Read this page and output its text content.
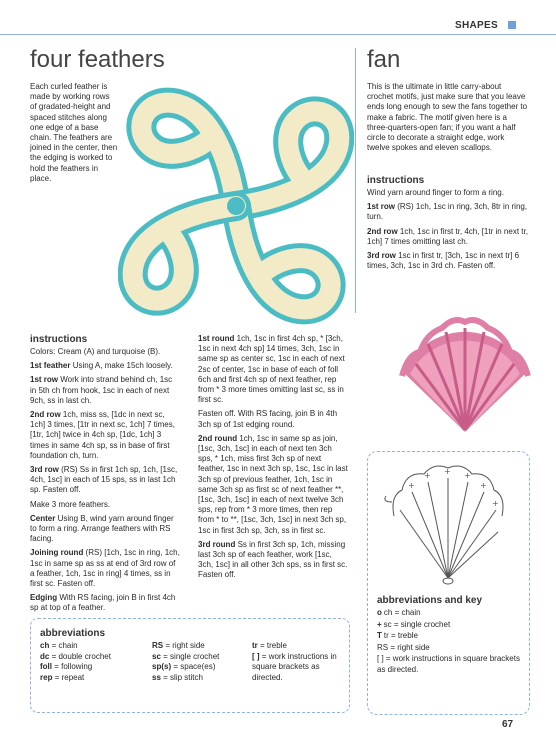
SHAPES
four feathers

Each curled feather is made by working rows of gradated-height and spaced stitches along one edge of a base chain. The feathers are joined in the center, then the edging is worked to hold the feathers in place.

instructions

Colors: Cream (A) and turquoise (B).

1st feather Using A, make 15ch loosely.

1st row Work into strand behind ch, 1sc in 5th ch from hook, 1sc in each of next 9ch, ss in last ch.

2nd row 1ch, miss ss, [1dc in next sc, 1ch] 3 times, [1tr in next sc, 1ch] 7 times, [1tr, 1ch] twice in 4ch sp, [1dc, 1ch] 3 times in same 4ch sp, ss in base of first foundation ch, turn.

3rd row (RS) Ss in first 1ch sp, 1ch, [1sc, 4ch, 1sc] in each of 15 sps, ss in last 1ch sp. Fasten off.

Make 3 more feathers.

Center Using B, wind yarn around finger to form a ring. Arrange feathers with RS facing.

Joining round (RS) [1ch, 1sc in ring, 1ch, 1sc in same sp as ss at end of 3rd row of a feather, 1ch, 1sc in ring] 4 times, ss in first sc. Fasten off.

Edging With RS facing, join B in first 4ch sp at top of a feather.

1st round 1ch, 1sc in first 4ch sp, * [3ch, 1sc in next 4ch sp] 14 times, 3ch, 1sc in same sp as center sc, 1sc in each of next 2sc of center, 1sc in base of each of foll 6ch and first 4ch sp of next feather, rep from * 3 more times omitting last sc, ss in first sc.

Fasten off. With RS facing, join B in 4th 3ch sp of 1st edging round.

2nd round 1ch, 1sc in same sp as join, [1sc, 3ch, 1sc] in each of next ten 3ch sps, * 1ch, miss first 3ch sp of next feather, 1sc in next 3ch sp, 1sc, 1sc in last 3ch sp of previous feather, 1ch, 1sc in same 3ch sp as first sc of next feather **, [1sc, 3ch, 1sc] in each of next twelve 3ch sps, rep from * 3 more times, then rep from * to **, [1sc, 3ch, 1sc] in next 3ch sp, 1sc in first 3ch sp, 3ch, ss in first sc.

3rd round Ss in first 3ch sp, 1ch, missing last 3ch sp of each feather, work [1sc, 3ch, 1sc] in all other 3ch sps, ss in first sc. Fasten off.

abbreviations
ch = chain
dc = double crochet
foll = following
rep = repeat
RS = right side
sc = single crochet
sp(s) = space(es)
ss = slip stitch
tr = treble
[ ] = work instructions in square brackets as directed.
fan

This is the ultimate in little carry-about crochet motifs, just make sure that you leave ends long enough to sew the fans together to make a fabric. The motif given here is a three-quarters-open fan; if you want a half circle to decorate a straight edge, work twelve spokes and eleven scallops.

instructions

Wind yarn around finger to form a ring.

1st row (RS) 1ch, 1sc in ring, 3ch, 8tr in ring, turn.

2nd row 1ch, 1sc in first tr, 4ch, [1tr in next tr, 1ch] 7 times omitting last ch.

3rd row 1sc in first tr, [3ch, 1sc in next tr] 6 times, 3ch, 1sc in 3rd ch. Fasten off.

+
+ + +
+
+
abbreviations and key
o ch = chain
+ sc = single crochet
T tr = treble
RS = right side
[ ] = work instructions in square brackets as directed.
67
